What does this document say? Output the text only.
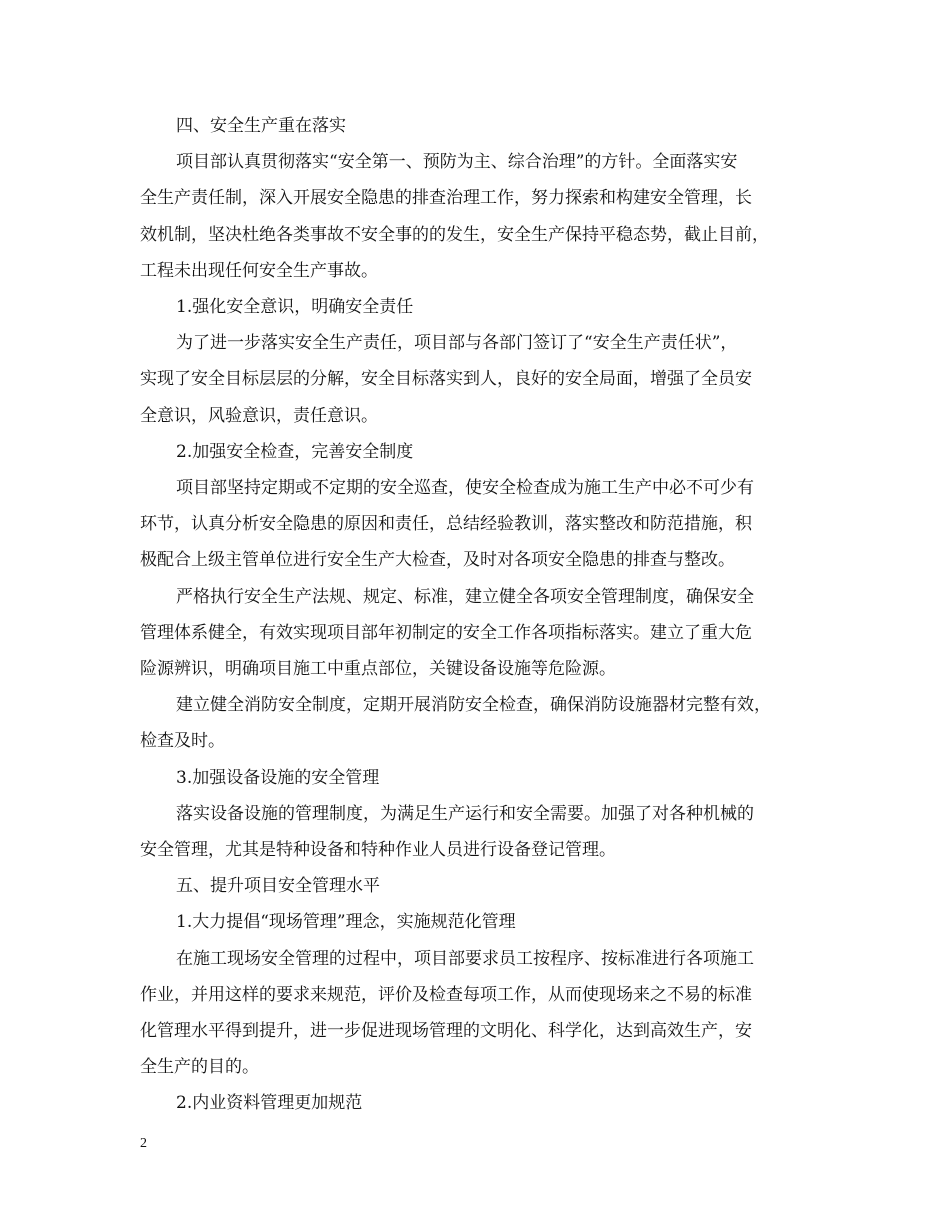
四、安全生产重在落实
项目部认真贯彻落实“安全第一、预防为主、综合治理”的方针。全面落实安
全生产责任制，深入开展安全隐患的排查治理工作，努力探索和构建安全管理，长
效机制，坚决杜绝各类事故不安全事的的发生，安全生产保持平稳态势，截止目前，
工程未出现任何安全生产事故。
1.强化安全意识，明确安全责任
为了进一步落实安全生产责任，项目部与各部门签订了“安全生产责任状”，
实现了安全目标层层的分解，安全目标落实到人，良好的安全局面，增强了全员安
全意识，风验意识，责任意识。
2.加强安全检查，完善安全制度
项目部坚持定期或不定期的安全巡查，使安全检查成为施工生产中必不可少有
环节，认真分析安全隐患的原因和责任，总结经验教训，落实整改和防范措施，积
极配合上级主管单位进行安全生产大检查，及时对各项安全隐患的排查与整改。
严格执行安全生产法规、规定、标准，建立健全各项安全管理制度，确保安全
管理体系健全，有效实现项目部年初制定的安全工作各项指标落实。建立了重大危
险源辨识，明确项目施工中重点部位，关键设备设施等危险源。
建立健全消防安全制度，定期开展消防安全检查，确保消防设施器材完整有效，
检查及时。
3.加强设备设施的安全管理
落实设备设施的管理制度，为满足生产运行和安全需要。加强了对各种机械的
安全管理，尤其是特种设备和特种作业人员进行设备登记管理。
五、提升项目安全管理水平
1.大力提倡“现场管理”理念，实施规范化管理
在施工现场安全管理的过程中，项目部要求员工按程序、按标准进行各项施工
作业，并用这样的要求来规范，评价及检查每项工作，从而使现场来之不易的标准
化管理水平得到提升，进一步促进现场管理的文明化、科学化，达到高效生产，安
全生产的目的。
2.内业资料管理更加规范
2
